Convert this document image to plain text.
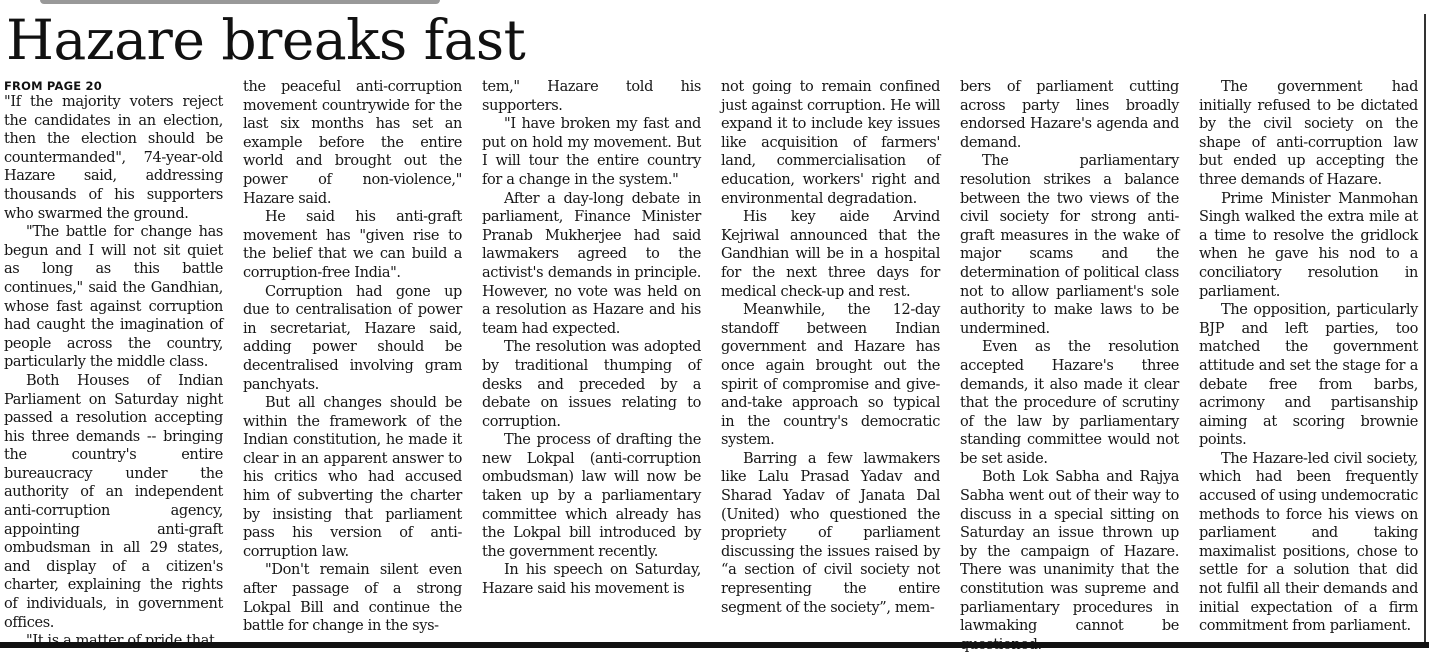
Hazare breaks fast
FROM PAGE 20

"If the majority voters reject the candidates in an election, then the election should be countermanded", 74-year-old Hazare said, addressing thousands of his supporters who swarmed the ground.

"The battle for change has begun and I will not sit quiet as long as this battle continues," said the Gandhian, whose fast against corruption had caught the imagination of people across the country, particularly the middle class.

Both Houses of Indian Parliament on Saturday night passed a resolution accepting his three demands -- bringing the country's entire bureaucracy under the authority of an independent anti-corruption agency, appointing anti-graft ombudsman in all 29 states, and display of a citizen's charter, explaining the rights of individuals, in government offices.

the peaceful anti-corruption movement countrywide for the last six months has set an example before the entire world and brought out the power of non-violence," Hazare said.

He said his anti-graft movement has "given rise to the belief that we can build a corruption-free India".

Corruption had gone up due to centralisation of power in secretariat, Hazare said, adding power should be decentralised involving gram panchyats.

But all changes should be within the framework of the Indian constitution, he made it clear in an apparent answer to his critics who had accused him of subverting the charter by insisting that parliament pass his version of anti-corruption law.

"Don't remain silent even after passage of a strong Lokpal Bill and continue the battle for change in the sys-

tem," Hazare told his supporters.

"I have broken my fast and put on hold my movement. But I will tour the entire country for a change in the system."

After a day-long debate in parliament, Finance Minister Pranab Mukherjee had said lawmakers agreed to the activist's demands in principle. However, no vote was held on a resolution as Hazare and his team had expected.

The resolution was adopted by traditional thumping of desks and preceded by a debate on issues relating to corruption.

The process of drafting the new Lokpal (anti-corruption ombudsman) law will now be taken up by a parliamentary committee which already has the Lokpal bill introduced by the government recently.

In his speech on Saturday, Hazare said his movement is

not going to remain confined just against corruption. He will expand it to include key issues like acquisition of farmers' land, commercialisation of education, workers' right and environmental degradation.

His key aide Arvind Kejriwal announced that the Gandhian will be in a hospital for the next three days for medical check-up and rest.

Meanwhile, the 12-day standoff between Indian government and Hazare has once again brought out the spirit of compromise and give-and-take approach so typical in the country's democratic system.

Barring a few lawmakers like Lalu Prasad Yadav and Sharad Yadav of Janata Dal (United) who questioned the propriety of parliament discussing the issues raised by “a section of civil society not representing the entire segment of the society”, mem-

bers of parliament cutting across party lines broadly endorsed Hazare's agenda and demand.

The parliamentary resolution strikes a balance between the two views of the civil society for strong anti-graft measures in the wake of major scams and the determination of political class not to allow parliament's sole authority to make laws to be undermined.

Even as the resolution accepted Hazare's three demands, it also made it clear that the procedure of scrutiny of the law by parliamentary standing committee would not be set aside.

Both Lok Sabha and Rajya Sabha went out of their way to discuss in a special sitting on Saturday an issue thrown up by the campaign of Hazare. There was unanimity that the constitution was supreme and parliamentary procedures in lawmaking cannot be

The government had initially refused to be dictated by the civil society on the shape of anti-corruption law but ended up accepting the three demands of Hazare.

Prime Minister Manmohan Singh walked the extra mile at a time to resolve the gridlock when he gave his nod to a conciliatory resolution in parliament.

The opposition, particularly BJP and left parties, too matched the government attitude and set the stage for a debate free from barbs, acrimony and partisanship aiming at scoring brownie points.

The Hazare-led civil society, which had been frequently accused of using undemocratic methods to force his views on parliament and taking maximalist positions, chose to settle for a solution that did not fulfil all their demands and initial expectation of a firm commitment from parliament.
